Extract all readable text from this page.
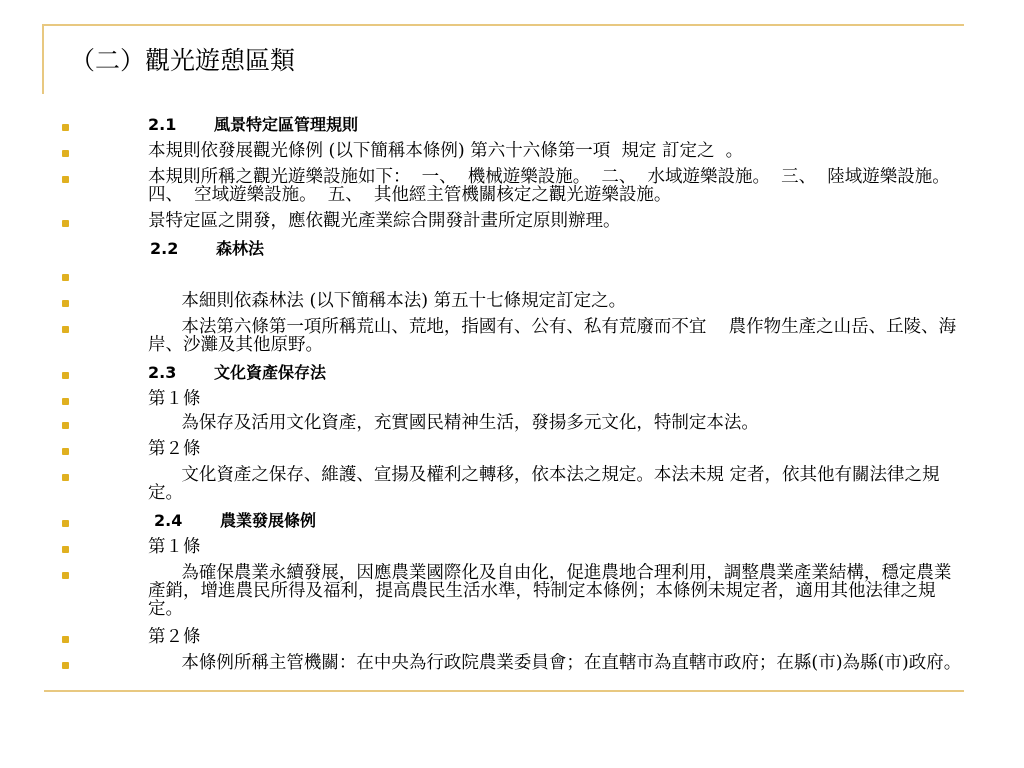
（二）觀光遊憩區類
2.1 風景特定區管理規則
本規則依發展觀光條例 (以下簡稱本條例) 第六十六條第一項  規定 訂定之  。
本規則所稱之觀光遊樂設施如下：  一、  機械遊樂設施。  二、  水域遊樂設施。  三、  陸域遊樂設施。  四、  空域遊樂設施。  五、  其他經主管機關核定之觀光遊樂設施。
景特定區之開發，應依觀光產業綜合開發計畫所定原則辦理。
2.2 森林法
本細則依森林法 (以下簡稱本法) 第五十七條規定訂定之。
本法第六條第一項所稱荒山、荒地，指國有、公有、私有荒廢而不宜    農作物生產之山岳、丘陵、海岸、沙灘及其他原野。
2.3 文化資產保存法
第１條
為保存及活用文化資產，充實國民精神生活，發揚多元文化，特制定本法。
第２條
文化資產之保存、維護、宣揚及權利之轉移，依本法之規定。本法未規 定者，依其他有關法律之規定。
2.4 農業發展條例
第１條
為確保農業永續發展，因應農業國際化及自由化，促進農地合理利用，調整農業產業結構，穩定農業產銷，增進農民所得及福利，提高農民生活水準，特制定本條例；本條例未規定者，適用其他法律之規定。
第２條
本條例所稱主管機關：在中央為行政院農業委員會；在直轄市為直轄市政府；在縣(市)為縣(市)政府。
